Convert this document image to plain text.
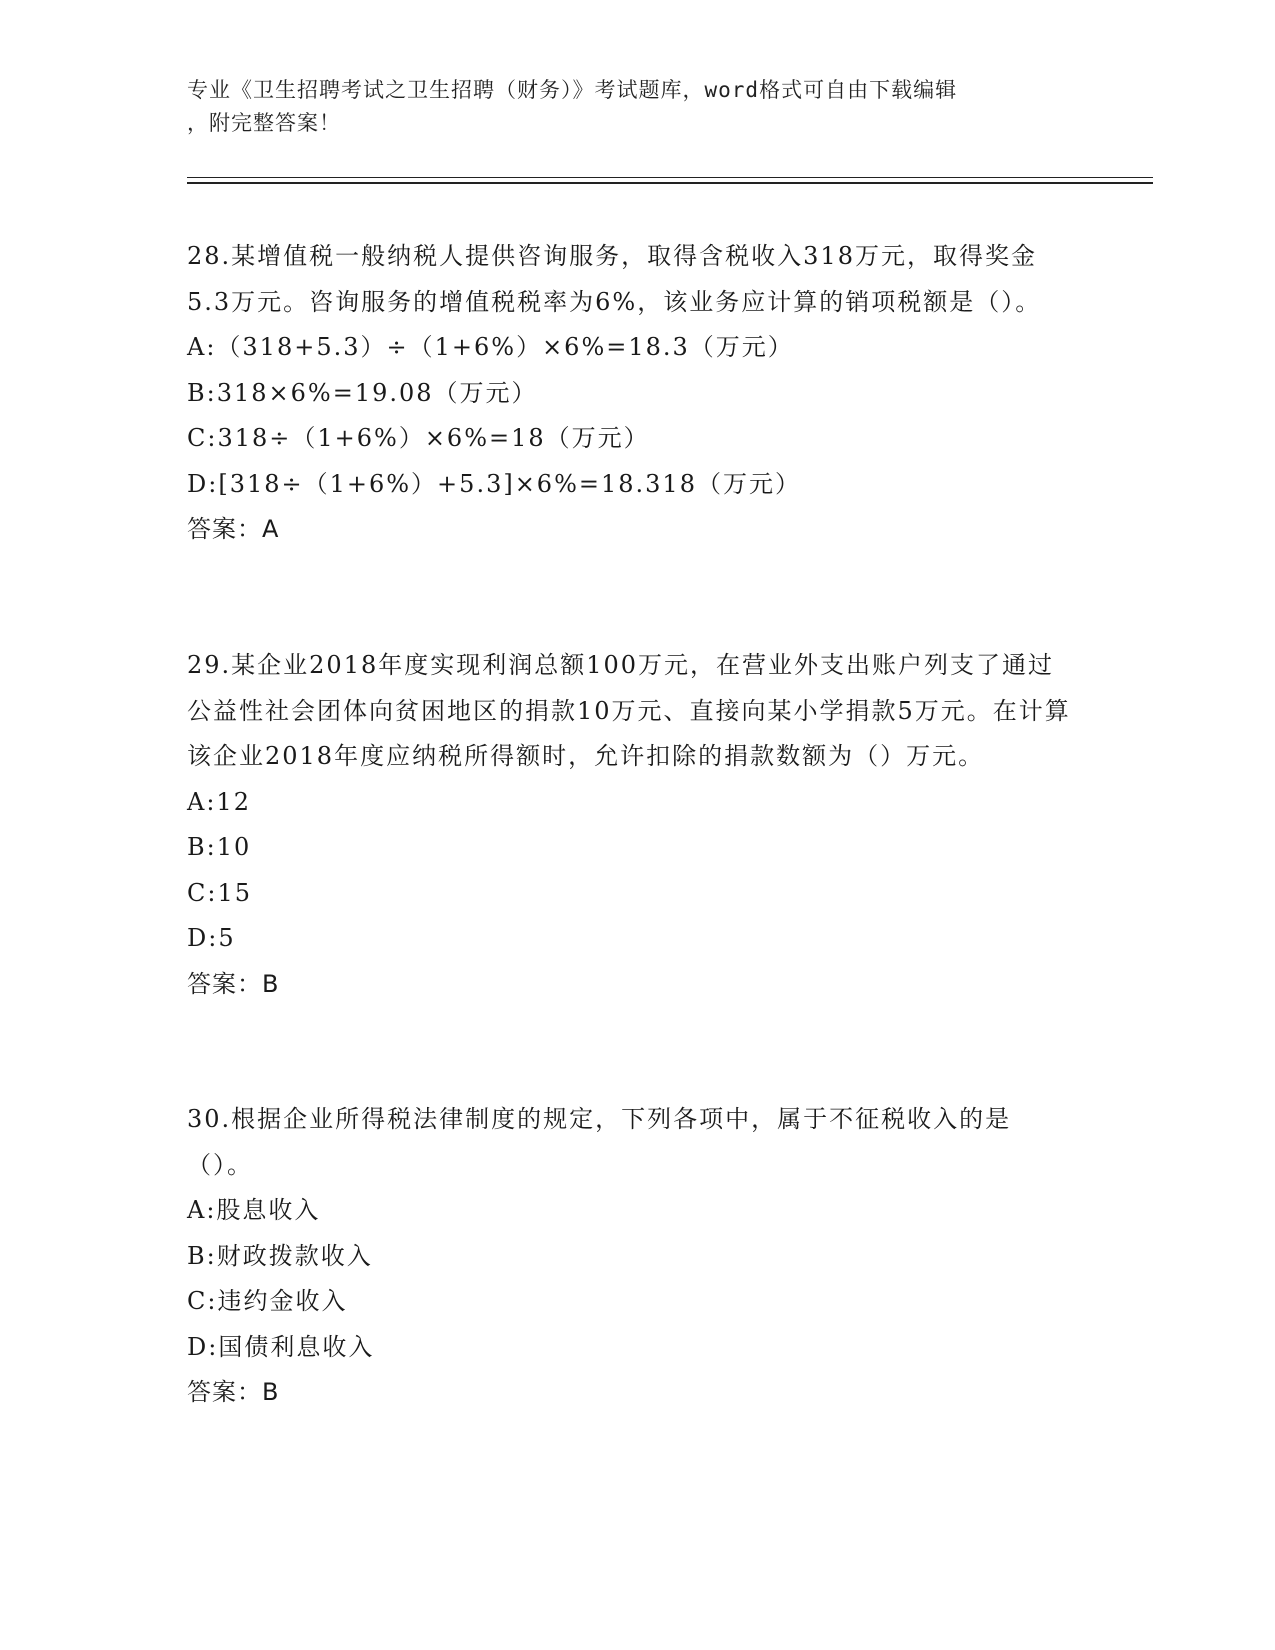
专业《卫生招聘考试之卫生招聘（财务）》考试题库，word格式可自由下载编辑

，附完整答案！

28.某增值税一般纳税人提供咨询服务，取得含税收入318万元，取得奖金5.3万元。咨询服务的增值税税率为6%，该业务应计算的销项税额是（）。

A:（318+5.3）÷（1+6%）×6%=18.3（万元）

B:318×6%=19.08（万元）

C:318÷（1+6%）×6%=18（万元）

D:[318÷（1+6%）+5.3]×6%=18.318（万元）

答案：A

29.某企业2018年度实现利润总额100万元，在营业外支出账户列支了通过公益性社会团体向贫困地区的捐款10万元、直接向某小学捐款5万元。在计算该企业2018年度应纳税所得额时，允许扣除的捐款数额为（）万元。

A:12

B:10

C:15

D:5

答案：B

30.根据企业所得税法律制度的规定，下列各项中，属于不征税收入的是（）。

A:股息收入

B:财政拨款收入

C:违约金收入

D:国债利息收入

答案：B
